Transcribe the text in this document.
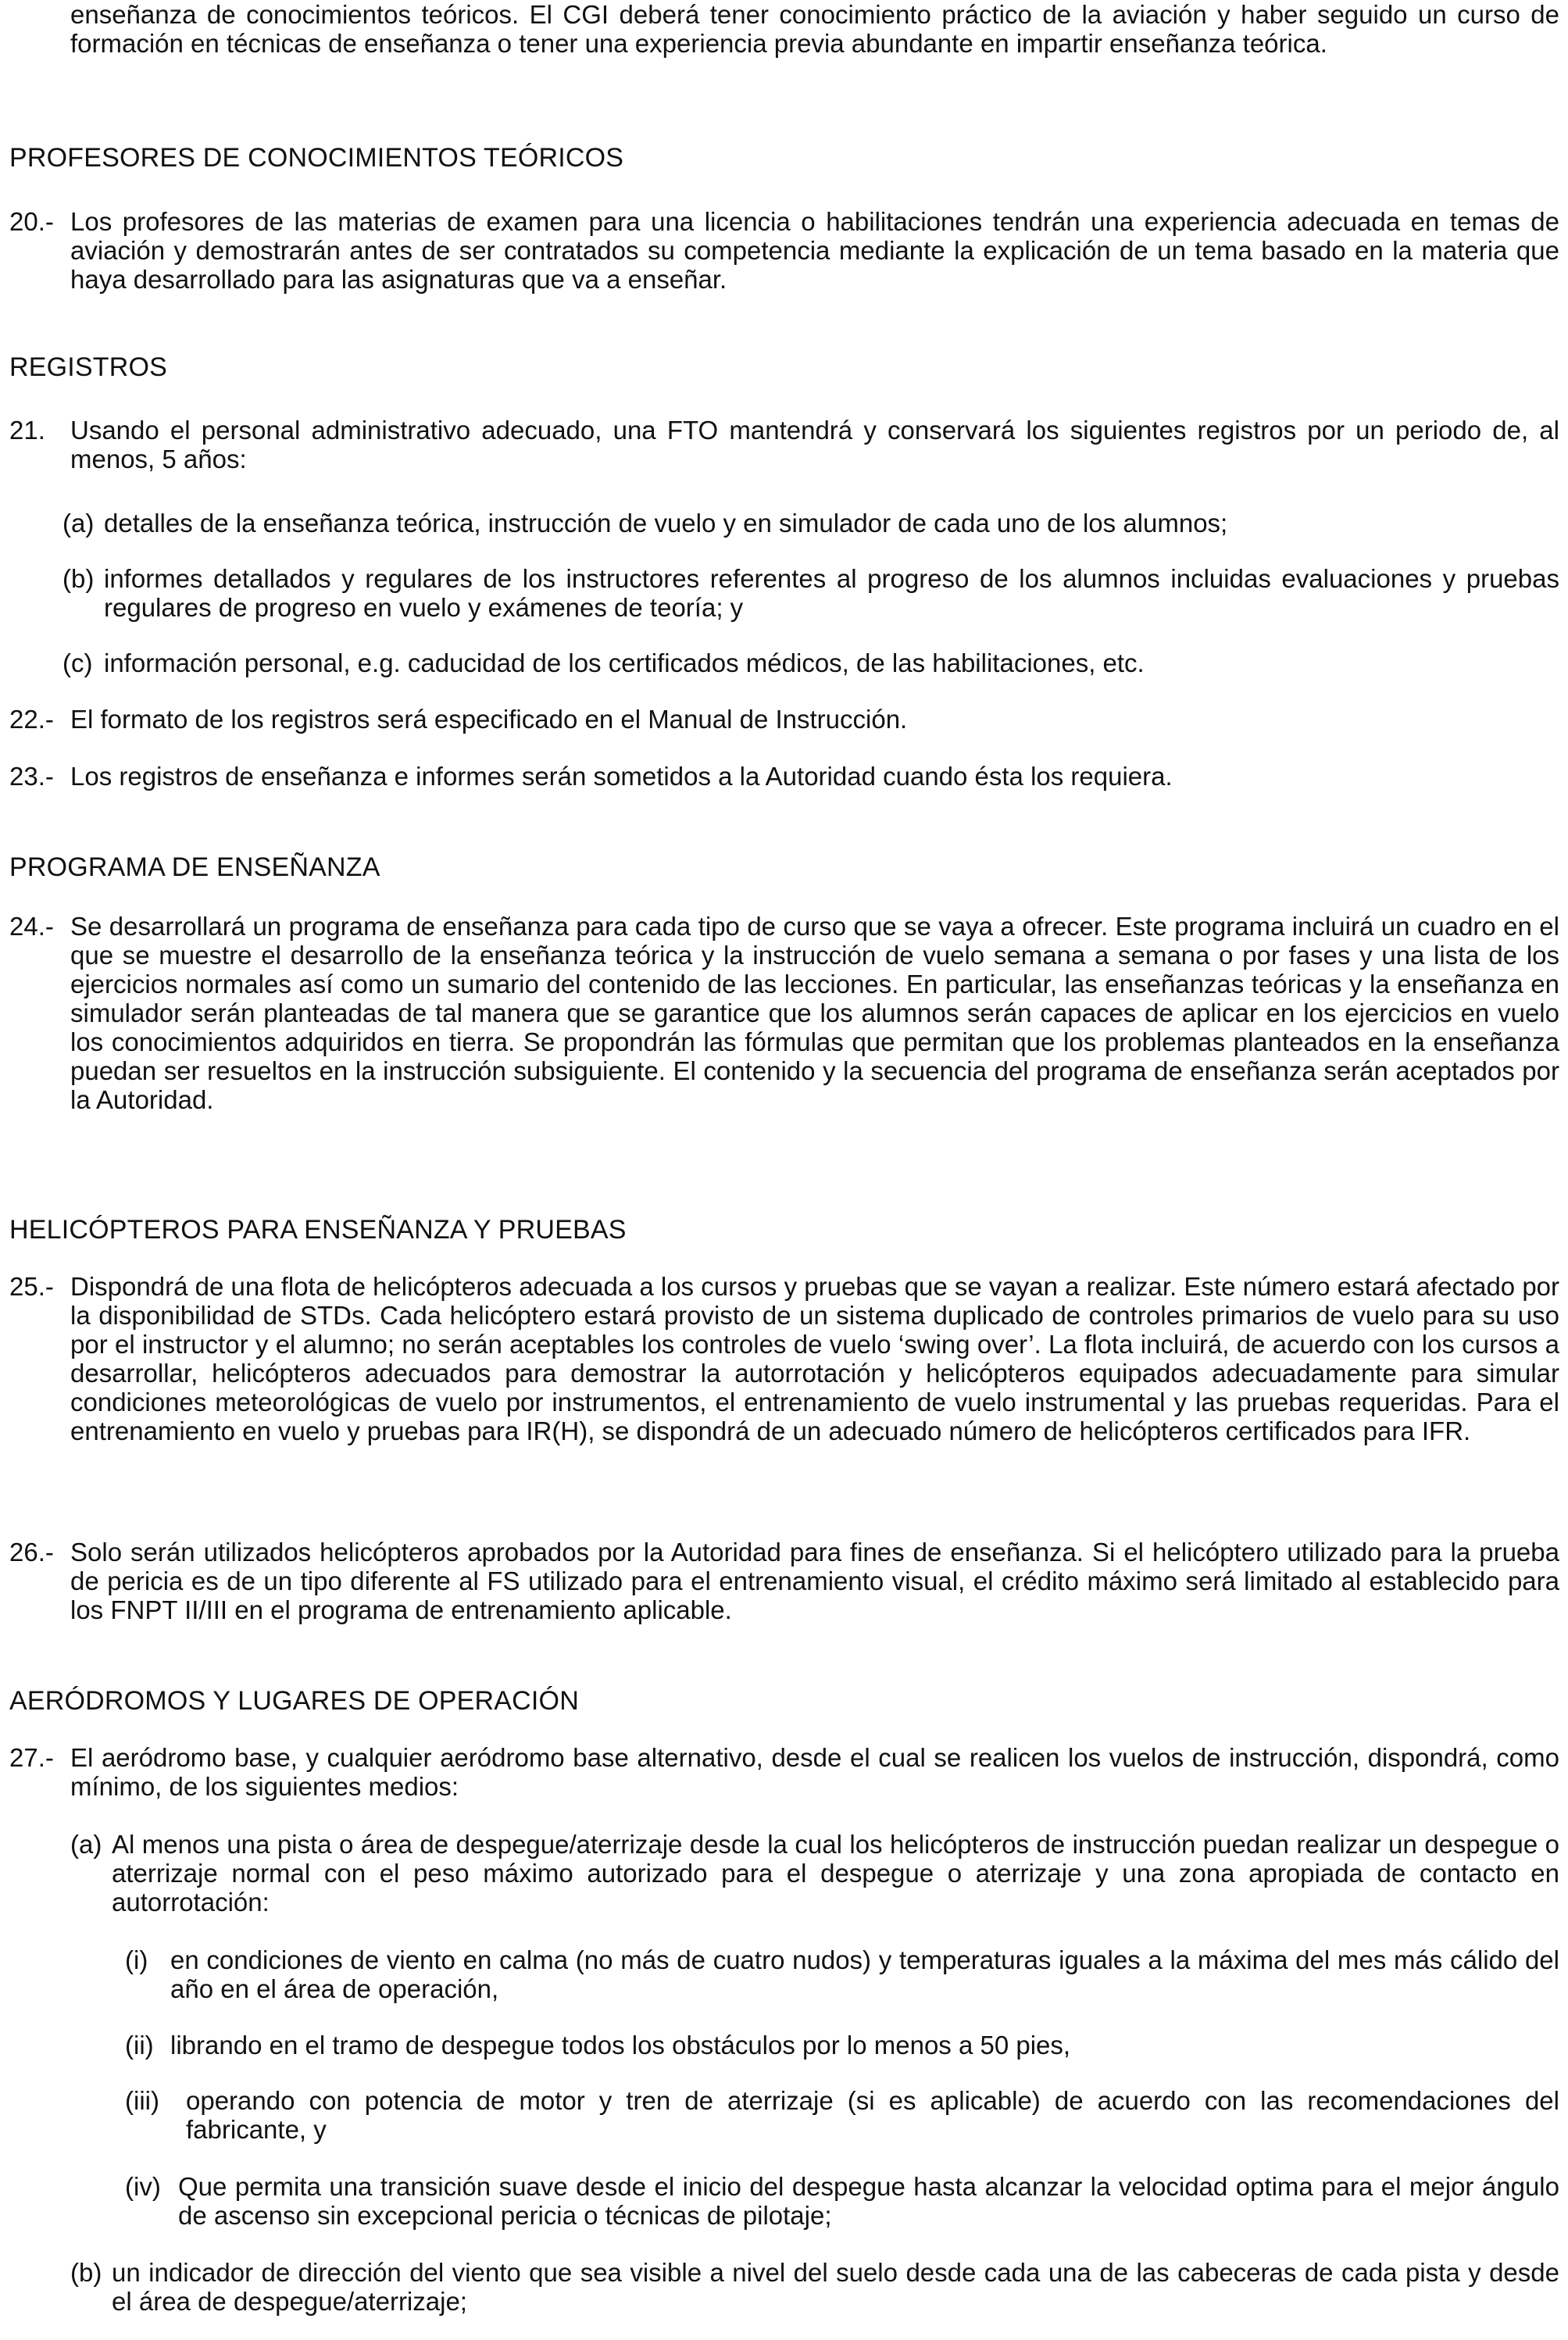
enseñanza de conocimientos teóricos. El CGI deberá tener conocimiento práctico de la aviación y haber seguido un curso de formación en técnicas de enseñanza o tener una experiencia previa abundante en impartir enseñanza teórica.
PROFESORES DE CONOCIMIENTOS TEÓRICOS
20.- Los profesores de las materias de examen para una licencia o habilitaciones tendrán una experiencia adecuada en temas de aviación y demostrarán antes de ser contratados su competencia mediante la explicación de un tema basado en la materia que haya desarrollado para las asignaturas que va a enseñar.
REGISTROS
21. Usando el personal administrativo adecuado, una FTO mantendrá y conservará los siguientes registros por un periodo de, al menos, 5 años:
(a) detalles de la enseñanza teórica, instrucción de vuelo y en simulador de cada uno de los alumnos;
(b) informes detallados y regulares de los instructores referentes al progreso de los alumnos incluidas evaluaciones y pruebas regulares de progreso en vuelo y exámenes de teoría; y
(c) información personal, e.g. caducidad de los certificados médicos, de las habilitaciones, etc.
22.- El formato de los registros será especificado en el Manual de Instrucción.
23.- Los registros de enseñanza e informes serán sometidos a la Autoridad cuando ésta los requiera.
PROGRAMA DE ENSEÑANZA
24.- Se desarrollará un programa de enseñanza para cada tipo de curso que se vaya a ofrecer. Este programa incluirá un cuadro en el que se muestre el desarrollo de la enseñanza teórica y la instrucción de vuelo semana a semana o por fases y una lista de los ejercicios normales así como un sumario del contenido de las lecciones. En particular, las enseñanzas teóricas y la enseñanza en simulador serán planteadas de tal manera que se garantice que los alumnos serán capaces de aplicar en los ejercicios en vuelo los conocimientos adquiridos en tierra. Se propondrán las fórmulas que permitan que los problemas planteados en la enseñanza puedan ser resueltos en la instrucción subsiguiente. El contenido y la secuencia del programa de enseñanza serán aceptados por la Autoridad.
HELICÓPTEROS PARA ENSEÑANZA Y PRUEBAS
25.- Dispondrá de una flota de helicópteros adecuada a los cursos y pruebas que se vayan a realizar. Este número estará afectado por la disponibilidad de STDs. Cada helicóptero estará provisto de un sistema duplicado de controles primarios de vuelo para su uso por el instructor y el alumno; no serán aceptables los controles de vuelo ‘swing over’. La flota incluirá, de acuerdo con los cursos a desarrollar, helicópteros adecuados para demostrar la autorrotación y helicópteros equipados adecuadamente para simular condiciones meteorológicas de vuelo por instrumentos, el entrenamiento de vuelo instrumental y las pruebas requeridas. Para el entrenamiento en vuelo y pruebas para IR(H), se dispondrá de un adecuado número de helicópteros certificados para IFR.
26.- Solo serán utilizados helicópteros aprobados por la Autoridad para fines de enseñanza. Si el helicóptero utilizado para la prueba de pericia es de un tipo diferente al FS utilizado para el entrenamiento visual, el crédito máximo será limitado al establecido para los FNPT II/III en el programa de entrenamiento aplicable.
AERÓDROMOS Y LUGARES DE OPERACIÓN
27.- El aeródromo base, y cualquier aeródromo base alternativo, desde el cual se realicen los vuelos de instrucción, dispondrá, como mínimo, de los siguientes medios:
(a) Al menos una pista o área de despegue/aterrizaje desde la cual los helicópteros de instrucción puedan realizar un despegue o aterrizaje normal con el peso máximo autorizado para el despegue o aterrizaje y una zona apropiada de contacto en autorrotación:
(i) en condiciones de viento en calma (no más de cuatro nudos) y temperaturas iguales a la máxima del mes más cálido del año en el área de operación,
(ii) librando en el tramo de despegue todos los obstáculos por lo menos a 50 pies,
(iii) operando con potencia de motor y tren de aterrizaje (si es aplicable) de acuerdo con las recomendaciones del fabricante, y
(iv) Que permita una transición suave desde el inicio del despegue hasta alcanzar la velocidad optima para el mejor ángulo de ascenso sin excepcional pericia o técnicas de pilotaje;
(b) un indicador de dirección del viento que sea visible a nivel del suelo desde cada una de las cabeceras de cada pista y desde el área de despegue/aterrizaje;
